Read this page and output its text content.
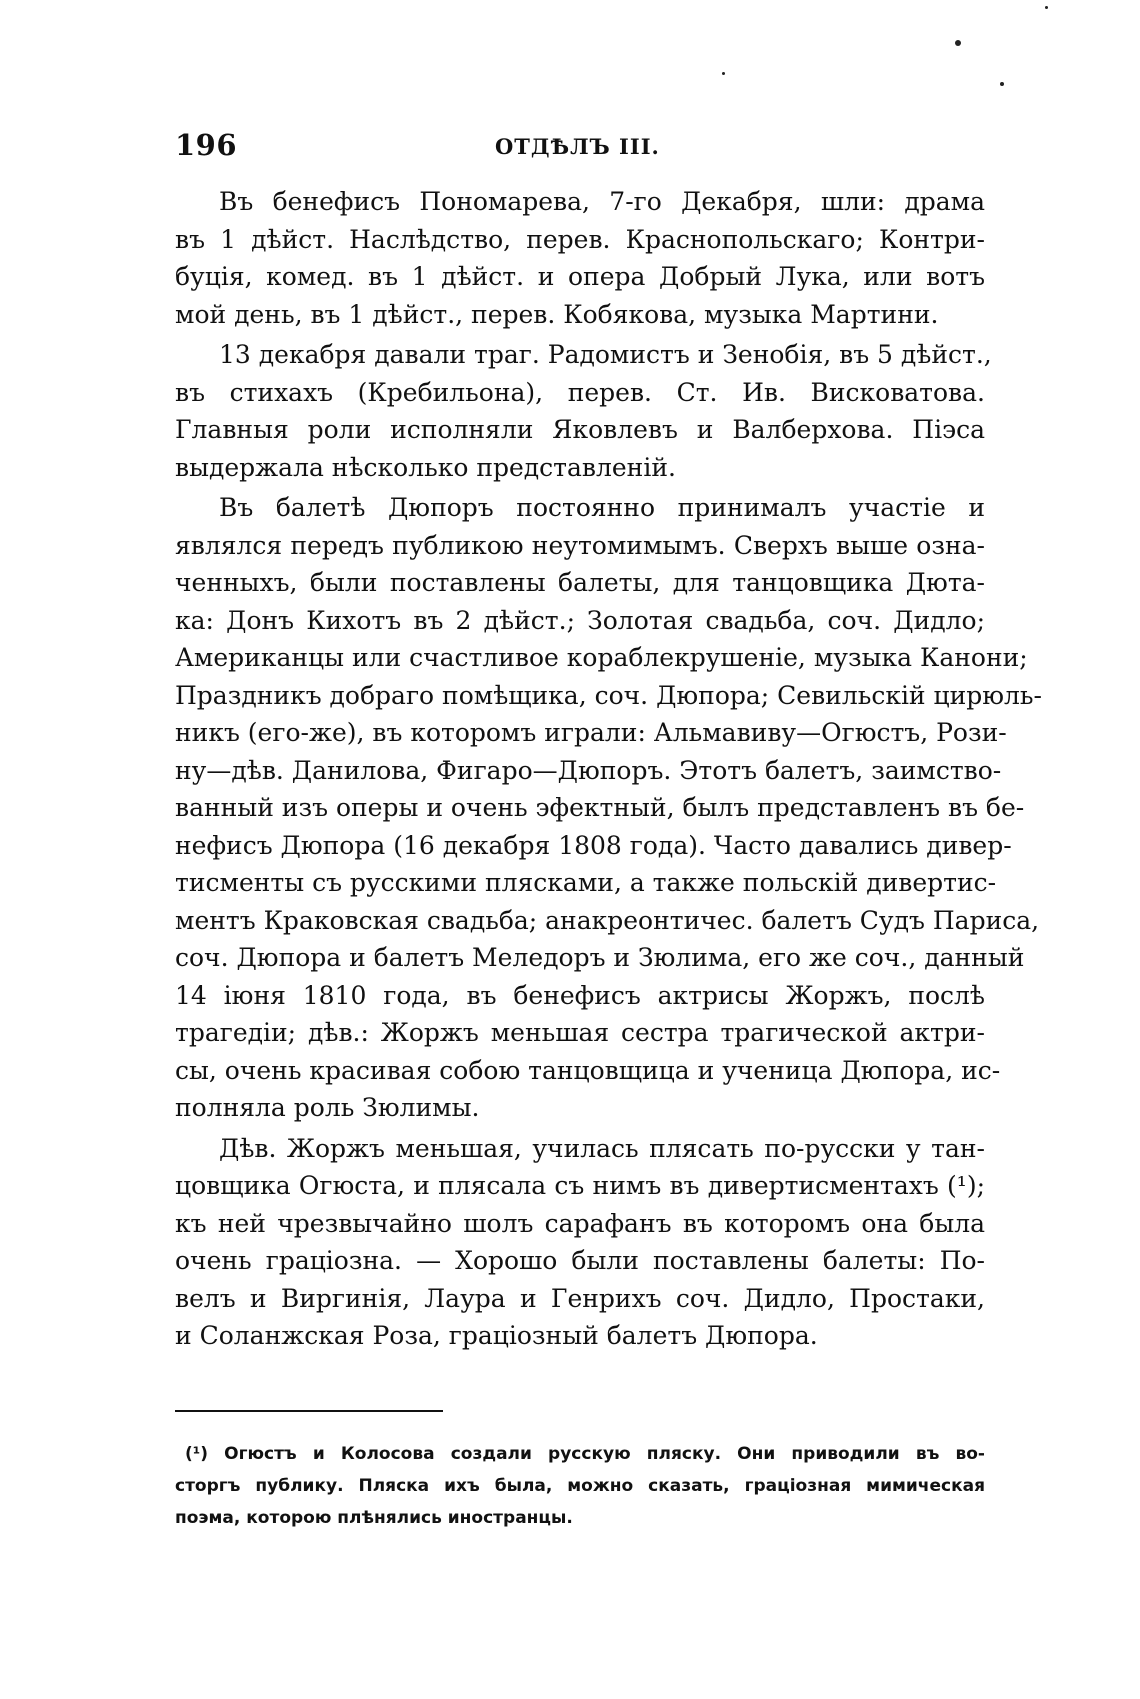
196	ОТДѢЛЪ III.
Въ бенефисъ Пономарева, 7-го Декабря, шли: драма
въ 1 дѣйст. Наслѣдство, перев. Краснопольскаго; Контри-
буція, комед. въ 1 дѣйст. и опера Добрый Лука, или вотъ
мой день, въ 1 дѣйст., перев. Кобякова, музыка Мартини.
13 декабря давали траг. Радомистъ и Зенобія, въ 5 дѣйст.,
въ стихахъ (Кребильона), перев. Ст. Ив. Висковатова.
Главныя роли исполняли Яковлевъ и Валберхова. Піэса
выдержала нѣсколько представленій.
Въ балетѣ Дюпоръ постоянно принималъ участіе и
являлся передъ публикою неутомимымъ. Сверхъ выше озна-
ченныхъ, были поставлены балеты, для танцовщика Дюта-
ка: Донъ Кихотъ въ 2 дѣйст.; Золотая свадьба, соч. Дидло;
Американцы или счастливое кораблекрушеніе, музыка Канони;
Праздникъ добраго помѣщика, соч. Дюпора; Севильскій цирюль-
никъ (его-же), въ которомъ играли: Альмавиву—Огюстъ, Рози-
ну—дѣв. Данилова, Фигаро—Дюпоръ. Этотъ балетъ, заимство-
ванный изъ оперы и очень эфектный, былъ представленъ въ бе-
нефисъ Дюпора (16 декабря 1808 года). Часто давались дивер-
тисменты съ русскими плясками, а также польскій дивертис-
ментъ Краковская свадьба; анакреонтичес. балетъ Судъ Париса,
соч. Дюпора и балетъ Меледоръ и Зюлима, его же соч., данный
14 іюня 1810 года, въ бенефисъ актрисы Жоржъ, послѣ
трагедіи; дѣв.: Жоржъ меньшая сестра трагической актри-
сы, очень красивая собою танцовщица и ученица Дюпора, ис-
полняла роль Зюлимы.
Дѣв. Жоржъ меньшая, училась плясать по-русски у тан-
цовщика Огюста, и плясала съ нимъ въ дивертисментахъ (¹);
къ ней чрезвычайно шолъ сарафанъ въ которомъ она была
очень граціозна. — Хорошо были поставлены балеты: По-
велъ и Виргинія, Лаура и Генрихъ соч. Дидло, Простаки,
и Соланжская Роза, граціозный балетъ Дюпора.
(¹) Огюстъ и Колосова создали русскую пляску. Они приводили въ во-
сторгъ публику. Пляска ихъ была, можно сказать, граціозная мимическая
поэма, которою плѣнялись иностранцы.
